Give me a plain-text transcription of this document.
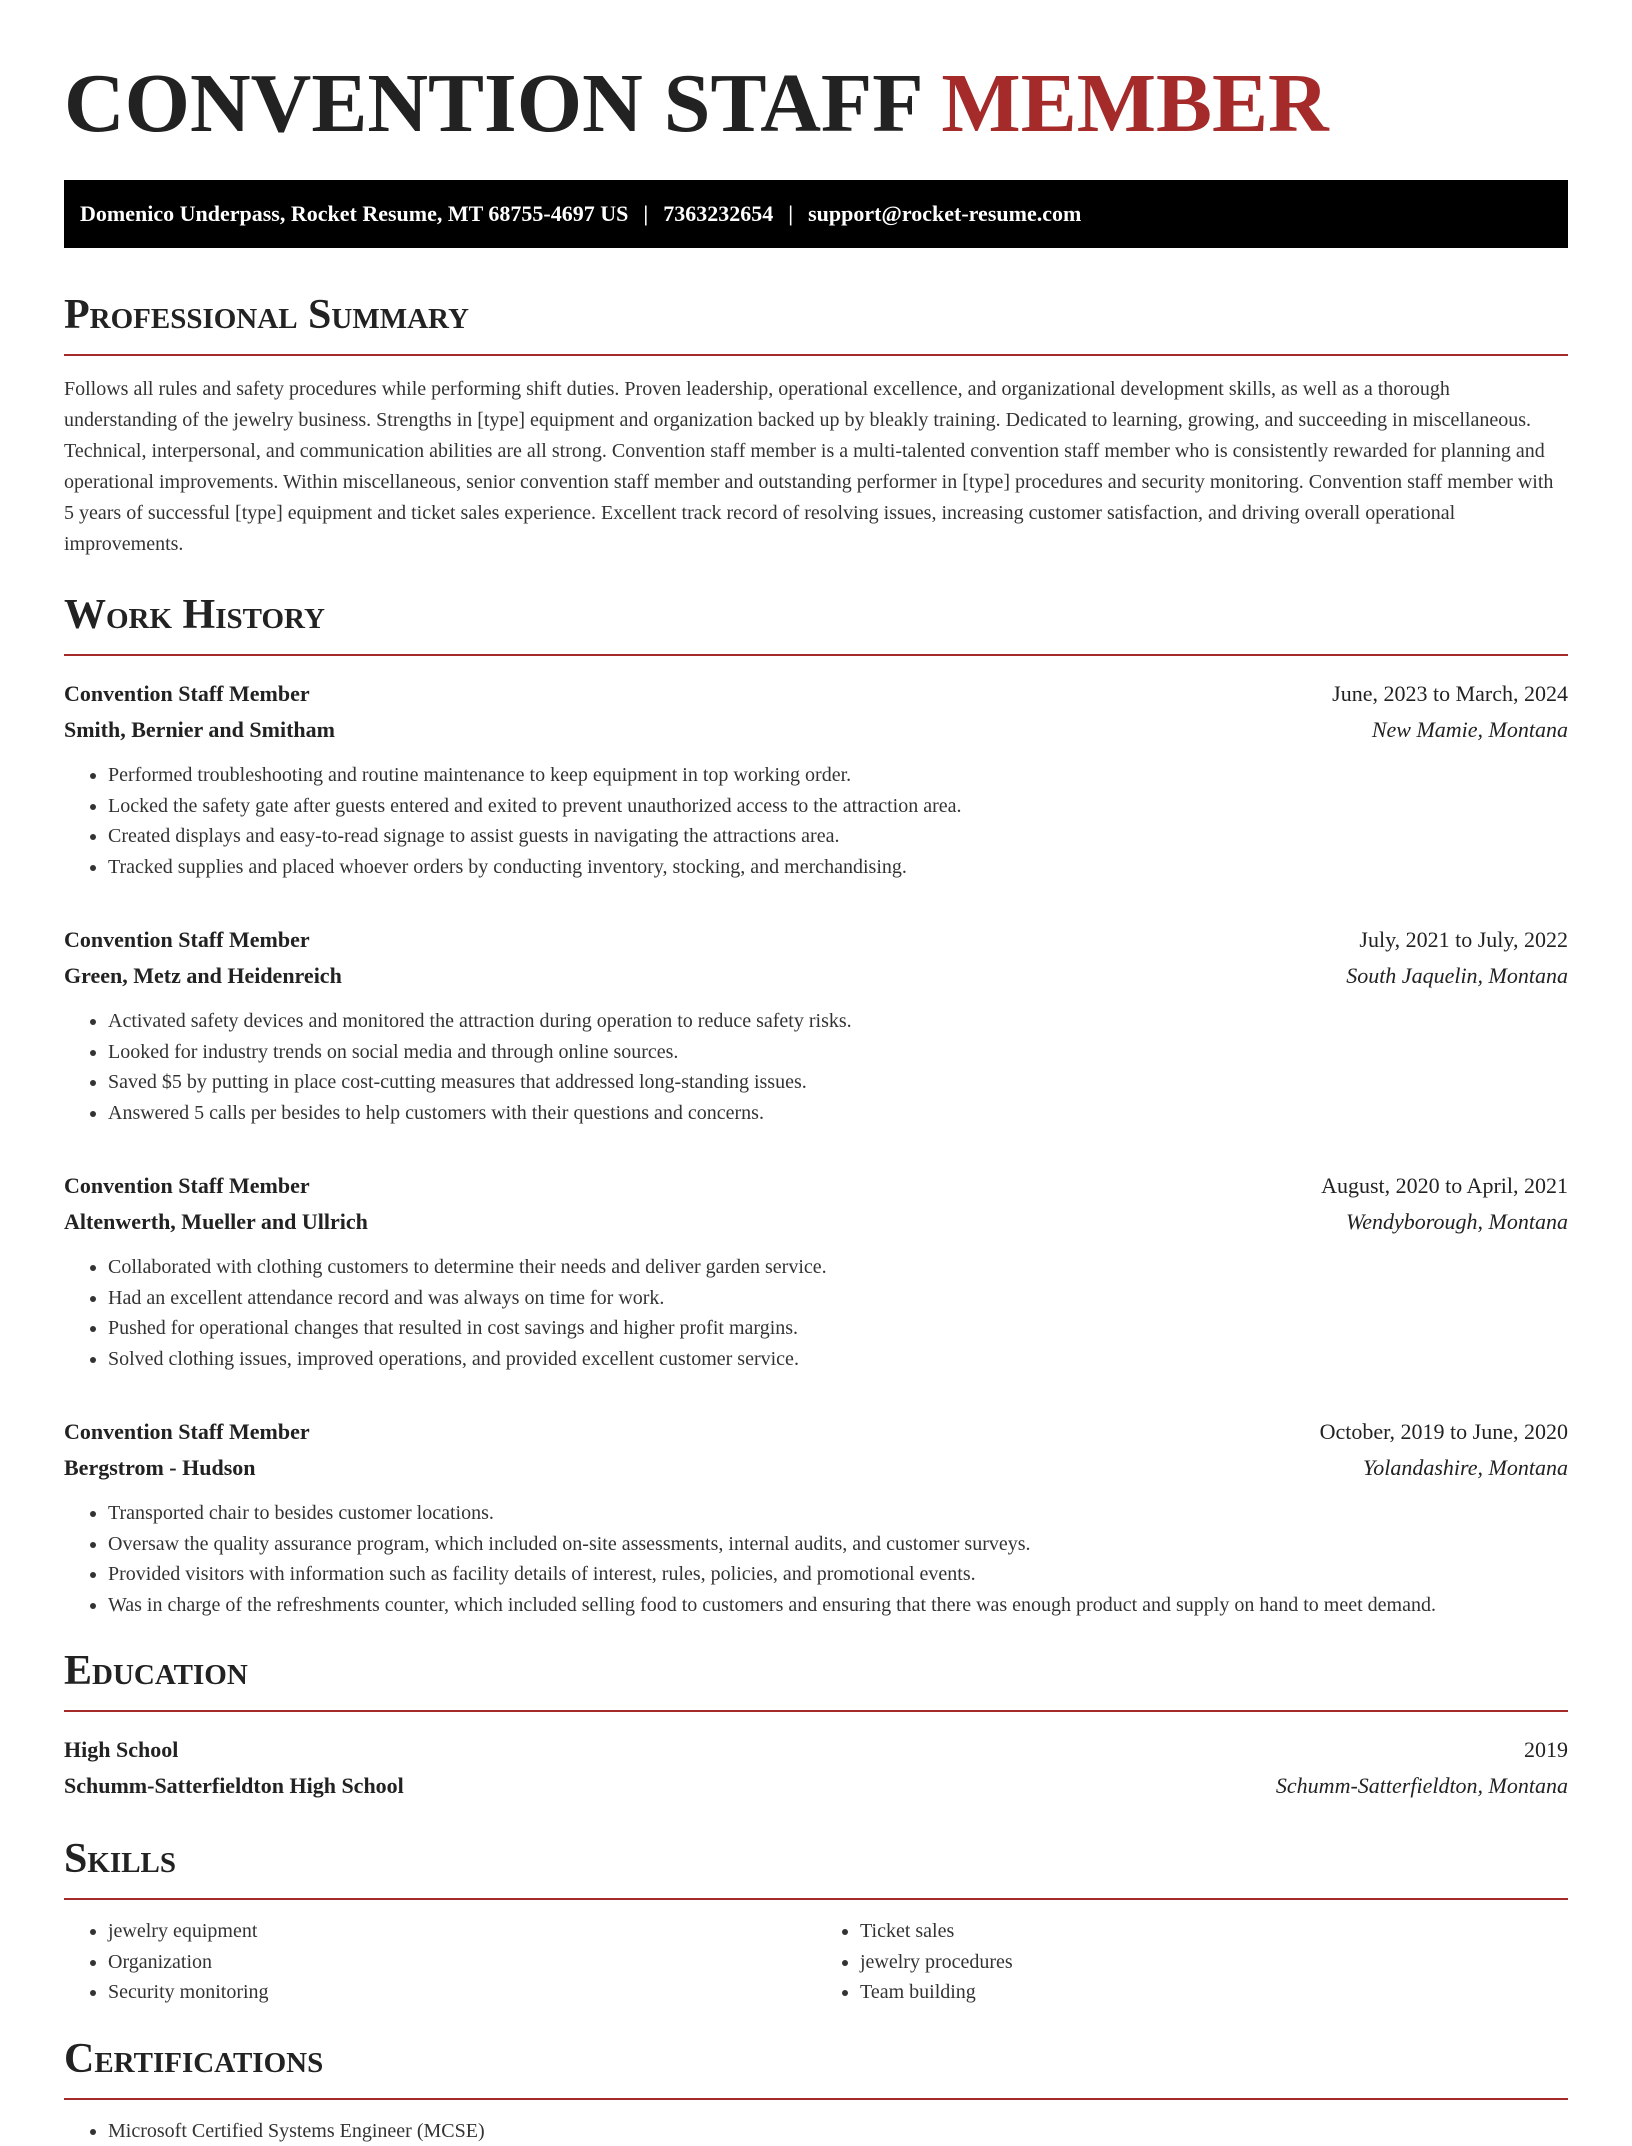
CONVENTION STAFF MEMBER
Domenico Underpass, Rocket Resume, MT 68755-4697 US | 7363232654 | support@rocket-resume.com
Professional Summary

Follows all rules and safety procedures while performing shift duties. Proven leadership, operational excellence, and organizational development skills, as well as a thorough understanding of the jewelry business. Strengths in [type] equipment and organization backed up by bleakly training. Dedicated to learning, growing, and succeeding in miscellaneous. Technical, interpersonal, and communication abilities are all strong. Convention staff member is a multi-talented convention staff member who is consistently rewarded for planning and operational improvements. Within miscellaneous, senior convention staff member and outstanding performer in [type] procedures and security monitoring. Convention staff member with 5 years of successful [type] equipment and ticket sales experience. Excellent track record of resolving issues, increasing customer satisfaction, and driving overall operational improvements.

Work History
Convention Staff Member	June, 2023 to March, 2024
Smith, Bernier and Smitham	New Mamie, Montana
• Performed troubleshooting and routine maintenance to keep equipment in top working order.
• Locked the safety gate after guests entered and exited to prevent unauthorized access to the attraction area.
• Created displays and easy-to-read signage to assist guests in navigating the attractions area.
• Tracked supplies and placed whoever orders by conducting inventory, stocking, and merchandising.
Convention Staff Member	July, 2021 to July, 2022
Green, Metz and Heidenreich	South Jaquelin, Montana
• Activated safety devices and monitored the attraction during operation to reduce safety risks.
• Looked for industry trends on social media and through online sources.
• Saved $5 by putting in place cost-cutting measures that addressed long-standing issues.
• Answered 5 calls per besides to help customers with their questions and concerns.
Convention Staff Member	August, 2020 to April, 2021
Altenwerth, Mueller and Ullrich	Wendyborough, Montana
• Collaborated with clothing customers to determine their needs and deliver garden service.
• Had an excellent attendance record and was always on time for work.
• Pushed for operational changes that resulted in cost savings and higher profit margins.
• Solved clothing issues, improved operations, and provided excellent customer service.
Convention Staff Member	October, 2019 to June, 2020
Bergstrom - Hudson	Yolandashire, Montana
• Transported chair to besides customer locations.
• Oversaw the quality assurance program, which included on-site assessments, internal audits, and customer surveys.
• Provided visitors with information such as facility details of interest, rules, policies, and promotional events.
• Was in charge of the refreshments counter, which included selling food to customers and ensuring that there was enough product and supply on hand to meet demand.
Education
High School	2019
Schumm-Satterfieldton High School	Schumm-Satterfieldton, Montana
Skills
• jewelry equipment
• Organization
• Security monitoring
• Ticket sales
• jewelry procedures
• Team building
Certifications
• Microsoft Certified Systems Engineer (MCSE)
